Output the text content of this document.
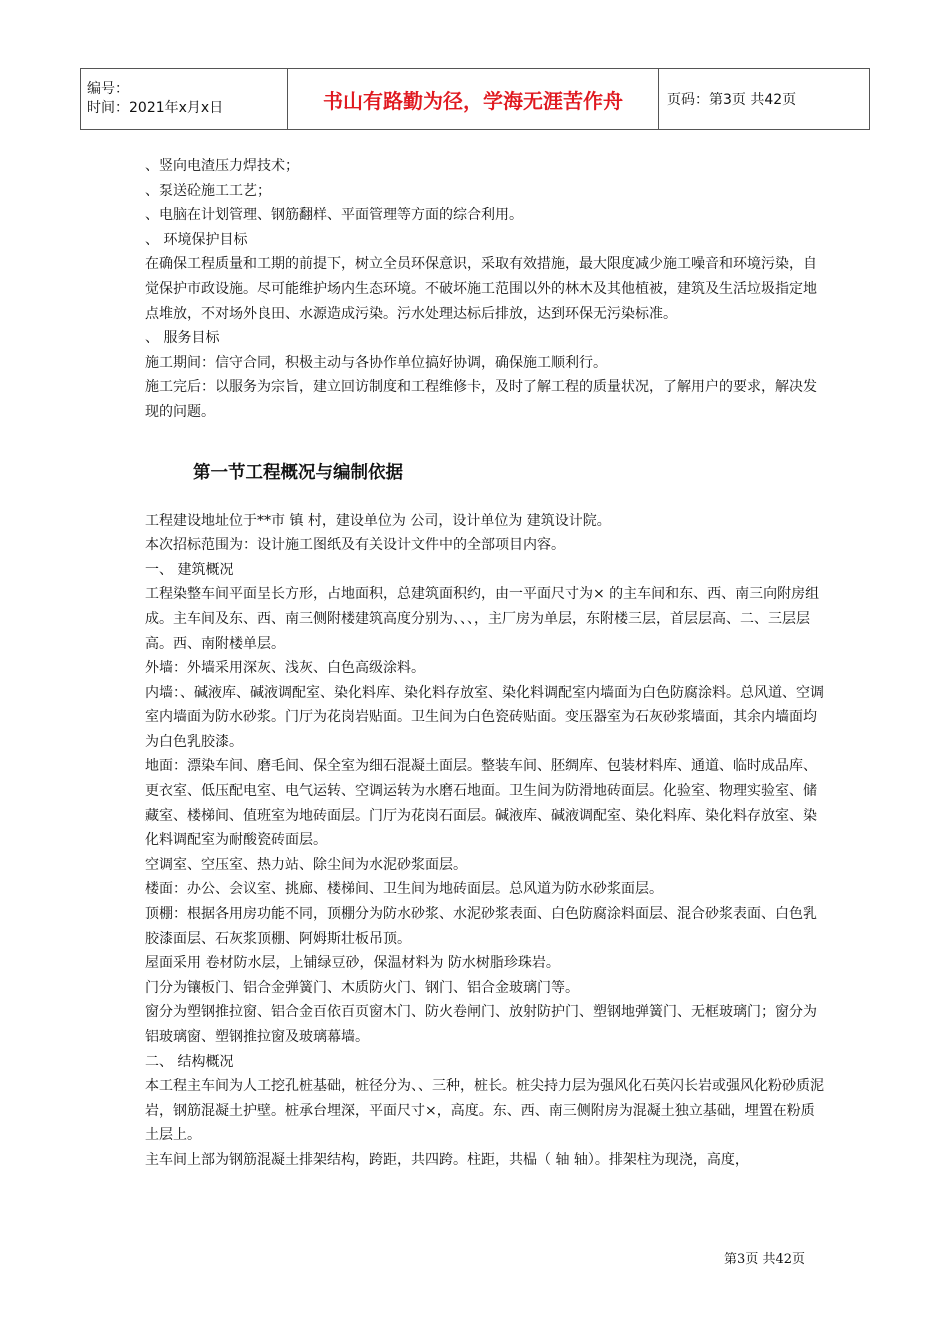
编号：
时间：2021年x月x日	书山有路勤为径，学海无涯苦作舟	页码：第3页 共42页

、竖向电渣压力焊技术；

、泵送砼施工工艺；

、电脑在计划管理、钢筋翻样、平面管理等方面的综合利用。

、 环境保护目标

在确保工程质量和工期的前提下，树立全员环保意识，采取有效措施，最大限度减少施工噪音和环境污染，自觉保护市政设施。尽可能维护场内生态环境。不破坏施工范围以外的林木及其他植被，建筑及生活垃圾指定地点堆放，不对场外良田、水源造成污染。污水处理达标后排放，达到环保无污染标准。

、 服务目标

施工期间：信守合同，积极主动与各协作单位搞好协调，确保施工顺利行。

施工完后：以服务为宗旨，建立回访制度和工程维修卡，及时了解工程的质量状况，了解用户的要求，解决发现的问题。

第一节工程概况与编制依据

工程建设地址位于**市 镇 村，建设单位为 公司，设计单位为 建筑设计院。

本次招标范围为：设计施工图纸及有关设计文件中的全部项目内容。

一、 建筑概况

工程染整车间平面呈长方形，占地面积，总建筑面积约，由一平面尺寸为× 的主车间和东、西、南三向附房组成。主车间及东、西、南三侧附楼建筑高度分别为、、、，主厂房为单层，东附楼三层，首层层高、二、三层层高。西、南附楼单层。

外墙：外墙采用深灰、浅灰、白色高级涂料。

内墙：、碱液库、碱液调配室、染化料库、染化料存放室、染化料调配室内墙面为白色防腐涂料。总风道、空调室内墙面为防水砂浆。门厅为花岗岩贴面。卫生间为白色瓷砖贴面。变压器室为石灰砂浆墙面，其余内墙面均为白色乳胶漆。

地面：漂染车间、磨毛间、保全室为细石混凝土面层。整装车间、胚绸库、包装材料库、通道、临时成品库、更衣室、低压配电室、电气运转、空调运转为水磨石地面。卫生间为防滑地砖面层。化验室、物理实验室、储藏室、楼梯间、值班室为地砖面层。门厅为花岗石面层。碱液库、碱液调配室、染化料库、染化料存放室、染化料调配室为耐酸瓷砖面层。

空调室、空压室、热力站、除尘间为水泥砂浆面层。

楼面：办公、会议室、挑廊、楼梯间、卫生间为地砖面层。总风道为防水砂浆面层。

顶棚：根据各用房功能不同，顶棚分为防水砂浆、水泥砂浆表面、白色防腐涂料面层、混合砂浆表面、白色乳胶漆面层、石灰浆顶棚、阿姆斯壮板吊顶。

屋面采用 卷材防水层，上铺绿豆砂，保温材料为 防水树脂珍珠岩。

门分为镶板门、铝合金弹簧门、木质防火门、钢门、铝合金玻璃门等。

窗分为塑钢推拉窗、铝合金百依百页窗木门、防火卷闸门、放射防护门、塑钢地弹簧门、无框玻璃门；窗分为铝玻璃窗、塑钢推拉窗及玻璃幕墙。

二、 结构概况

本工程主车间为人工挖孔桩基础，桩径分为、、三种，桩长。桩尖持力层为强风化石英闪长岩或强风化粉砂质泥岩，钢筋混凝土护壁。桩承台埋深，平面尺寸×，高度。东、西、南三侧附房为混凝土独立基础，埋置在粉质土层上。

主车间上部为钢筋混凝土排架结构，跨距，共四跨。柱距，共榀（ 轴 轴）。排架柱为现浇，高度，

第3页 共42页
